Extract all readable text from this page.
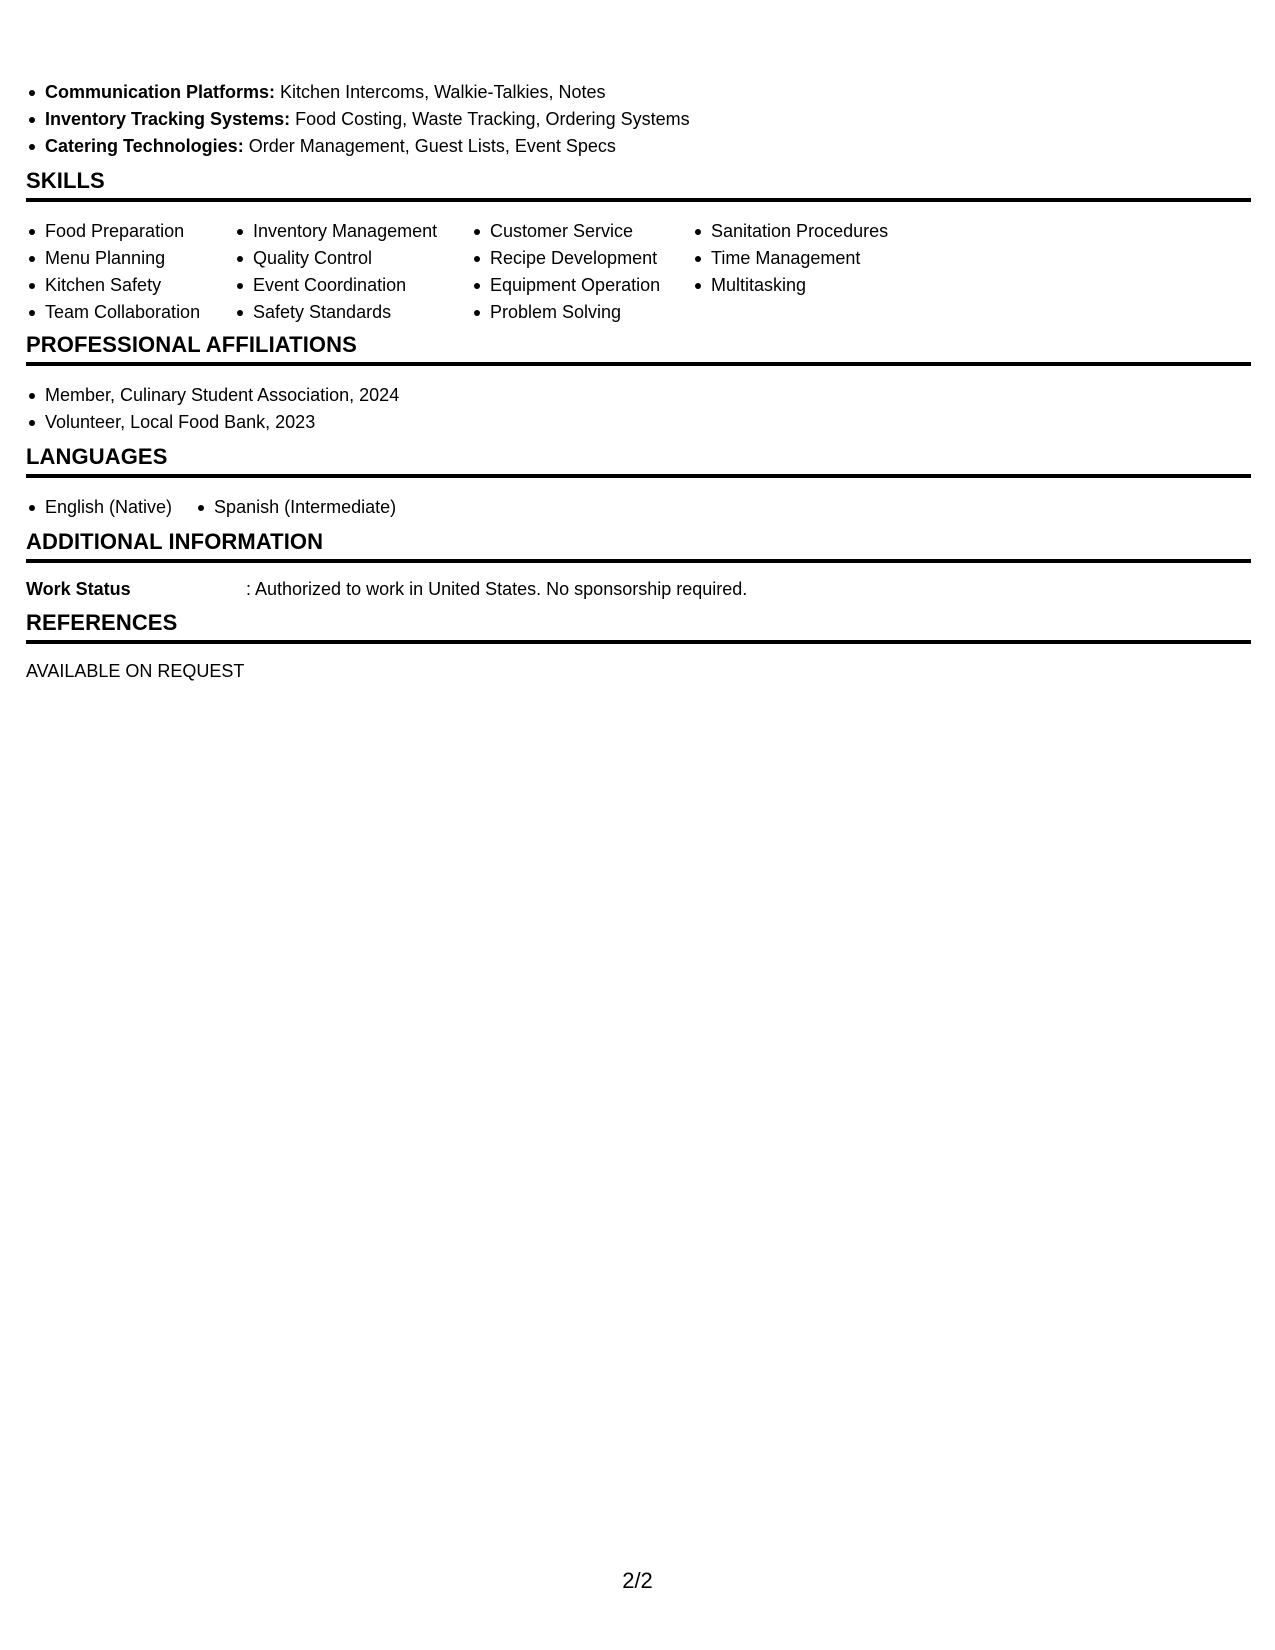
Communication Platforms: Kitchen Intercoms, Walkie-Talkies, Notes
Inventory Tracking Systems: Food Costing, Waste Tracking, Ordering Systems
Catering Technologies: Order Management, Guest Lists, Event Specs
SKILLS
Food Preparation
Menu Planning
Kitchen Safety
Team Collaboration
Inventory Management
Quality Control
Event Coordination
Safety Standards
Customer Service
Recipe Development
Equipment Operation
Problem Solving
Sanitation Procedures
Time Management
Multitasking
PROFESSIONAL AFFILIATIONS
Member, Culinary Student Association, 2024
Volunteer, Local Food Bank, 2023
LANGUAGES
English (Native)	Spanish (Intermediate)
ADDITIONAL INFORMATION
Work Status	: Authorized to work in United States. No sponsorship required.
REFERENCES
AVAILABLE ON REQUEST
2/2
